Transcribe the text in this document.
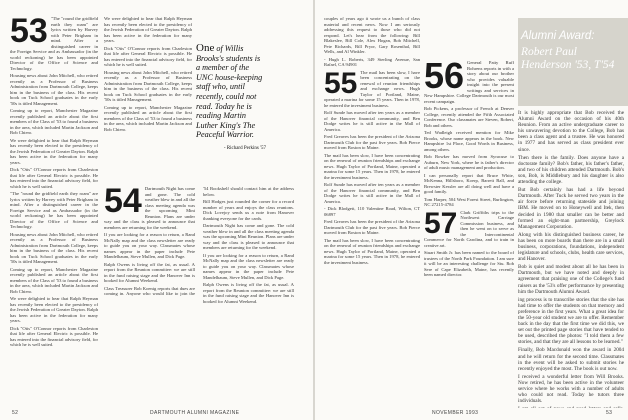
53 "The "round the gridfield earth they roam" are lyrics written by Harvey with Peter Brigham in mind. After a distinguished career in the Foreign Service and as Ambassador (in the world reckoning) he has been appointed Director of the Office of Science and Technology.

Housing news about John Mitchell, who retired recently as a Professor of Business Administration from Dartmouth College, keeps him in the business of the class. His recent book on Tuck School graduates in the early '50s is titled Management.

Coming up to report, Manchester Magazine recently published an article about the first members of the Class of '53 to found a business in the area, which included Martin Jackson and Bob Chiero.

We were delighted to hear that Ralph Heyman has recently been elected to the presidency of the Jewish Federation of Greater Dayton. Ralph has been active in the federation for many years.

Dick "Otis" O'Connor reports from Charleston that life after General Electric is possible. He has entered into the financial advisory field, for which he is well suited.

"The "round the gridfield earth they roam" are lyrics written by Harvey with Peter Brigham in mind. After a distinguished career in the Foreign Service and as Ambassador (in the world reckoning) he has been appointed Director of the Office of Science and Technology.

Housing news about John Mitchell, who retired recently as a Professor of Business Administration from Dartmouth College, keeps him in the business of the class. His recent book on Tuck School graduates in the early '50s is titled Management.

Coming up to report, Manchester Magazine recently published an article about the first members of the Class of '53 to found a business in the area, which included Martin Jackson and Bob Chiero.

We were delighted to hear that Ralph Heyman has recently been elected to the presidency of the Jewish Federation of Greater Dayton. Ralph has been active in the federation for many years.

Dick "Otis" O'Connor reports from Charleston that life after General Electric is possible. He has entered into the financial advisory field, for which he is well suited.

We were delighted to hear that Ralph Heyman has recently been elected to the presidency of the Jewish Federation of Greater Dayton. Ralph has been active in the federation for many years.

Dick "Otis" O'Connor reports from Charleston that life after General Electric is possible. He has entered into the financial advisory field, for which he is well suited.

Housing news about John Mitchell, who retired recently as a Professor of Business Administration from Dartmouth College, keeps him in the business of the class. His recent book on Tuck School graduates in the early '50s is titled Management.

Coming up to report, Manchester Magazine recently published an article about the first members of the Class of '53 to found a business in the area, which included Martin Jackson and Bob Chiero.

One of Willis Brooks's students is a member of the UNC house-keeping staff who, until recently, could not read. Today he is reading Martin Luther King's The Peaceful Warrior.
- Richard Perkins '57
54 Dartmouth Night has come and gone. The cold weather blew in and all the class meeting agenda was the upcoming Mini Reunion. Plans are under way and the class is pleased to announce that members are returning for the weekend.

If you are looking for a reason to return, a Rand McNally map and the class newsletter are ready to guide you on your way. Classmates whose names appear in the paper include Pete Mandelbaum, Steve Mullen, and Dick Page.

Ralph Owens is living off the fat, as usual. A report from the Reunion committee: we are still in the fund raising stage and the Hanover Inn is booked for Alumni Weekend.

Class Treasurer Bob Koenig reports that dues are coming in. Anyone who would like to join the '54 Bookshelf should contact him at the address below.

Bill Hodges just rounded the corner for a record number of years and enjoys the class reunions. Dick Lovejoy sends us a note from Hanover thanking everyone for the cards.

Dartmouth Night has come and gone. The cold weather blew in and all the class meeting agenda was the upcoming Mini Reunion. Plans are under way and the class is pleased to announce that members are returning for the weekend.

If you are looking for a reason to return, a Rand McNally map and the class newsletter are ready to guide you on your way. Classmates whose names appear in the paper include Pete Mandelbaum, Steve Mullen, and Dick Page.

Ralph Owens is living off the fat, as usual. A report from the Reunion committee: we are still in the fund raising stage and the Hanover Inn is booked for Alumni Weekend.

52	DARTMOUTH ALUMNI MAGAZINE

couples of years ago it wrote us a bunch of class material and recent news. Now I am seriously addressing this request to those who did not respond. Let's hear from the following: Bill Blakeslee, Bill Cole, Alex Hogan, Bob Mitchell, Pete Richards, Bill Pryor, Gary Rosenthal, Bill Wells, and Al Winkler.

- Hugh L. Roberts, 349 Sterling Avenue, San Rafael, CA 94901

55 The mail has been slow, I have been concentrating on the renewal of reunion friendships and exchange news. Hugh Taylor of Portland, Maine, operated a marina for some 15 years. Then in 1978, he entered the investment business.

Rolf Sunde has moved after ten years as a member of the Hanover financial community, and Ben Dodge writes he is still active in the Mall of America.

Fred Greaves has been the president of the Arizona Dartmouth Club for the past five years. Bob Pierce moved from Boston to Maine.

The mail has been slow, I have been concentrating on the renewal of reunion friendships and exchange news. Hugh Taylor of Portland, Maine, operated a marina for some 15 years. Then in 1978, he entered the investment business.

Rolf Sunde has moved after ten years as a member of the Hanover financial community, and Ben Dodge writes he is still active in the Mall of America.

- Dick Blodgett, 110 Valentine Road, Wilton, CT 06897

Fred Greaves has been the president of the Arizona Dartmouth Club for the past five years. Bob Pierce moved from Boston to Maine.

The mail has been slow, I have been concentrating on the renewal of reunion friendships and exchange news. Hugh Taylor of Portland, Maine, operated a marina for some 15 years. Then in 1978, he entered the investment business.

56 General Patty Ruff Bohrens reports in with a story about our brother who provides valuable insight into the present writings and services in New Hampshire. College Dartmouth is our most recent campaign.

Bob Pickens, a professor of French at Denver College, recently attended the Fifth Associated Conference. Our classmates are Steven, Robert, Bob and others.

Ted Wadleigh received mention for Mike Brooks, whose name appears in the book. New Hampshire 1st Place, Good Words in Business, among others.

Bob Bowker has moved from Syracuse to Auburn, New York, where he is father's director of adult music management and production.

I can personally report that Bruce White, McKenna, Hillsboro, Koerp, Barrett Ball, and Brewster Kessler are all doing well and have a good family.

Tom Harper, 504 West Forest Street, Burlington, NC 27215-4784

57 Clark Griffiths trips to the Northwest Carriage Commission business, and then he went on to serve as the Intercontinental Commerce for North Carolina, and to train in creative art.

Stuart Smith Jr. has been named to the board of trustees of the North Park Foundation. I am sure it will be an interesting challenge for Stu. Rob Sere of Cape Elizabeth, Maine, has recently been named director.

Alumni Award:
Robert Paul Henderson '53, T'54

It is highly appropriate that Bob received the Alumni Award on the occasion of his 40th Reunion. From an active undergraduate career to his unwavering devotion to the College, Bob has been a class agent and a trustee. He was honored in 1977 and has served as class president ever since.

Then there is the family. Does anyone have a doctorate family? Bob's father, his father's father, and two of his children attended Dartmouth. Bob's son, Bob, is Middlebury and his daughter is also attending the college.

But Bob certainly has had a life beyond Dartmouth. After Tuck he served two years in the air force before returning stateside and joining IBM. He moved on to Honeywell and Itek, then decided in 1980 that smaller can be better and formed an eight-man partnership, Greylock Management Corporation.

Along with his distinguished business career, he has been on more boards than there are in a small business, corporations, foundations, independent legislature and schools, clubs, health care services, and Hanover.

Bob is quiet and modest about all he has been in Dartmouth, but we have noted and deeply in agreement that praising one of the College's fund raisers as the '53's offer performance by presenting him the Dartmouth Alumni Award.

ing process is to transcribe stories that the site has had time to offer the students on that memory and preference in the first years. What a great idea for the 50-year old student we are to offer. Remember back in the day that the first time we did this, we set out the printed page stories that have tended to be used, described the photos: "I told them a few stories, and that they are all lessons to be learned."

Finally, Bob Macdonald won the award in 2004 and he will return for the second time. Classmates in the event will be asked to submit stories he recently enjoyed the most. The book is out now.

I received a wonderful letter from Will Brooks. Now retired, he has been active in the volunteer service where he works with a number of adults who could not read. Today he tutors three individuals.

NOVEMBER 1993	53
